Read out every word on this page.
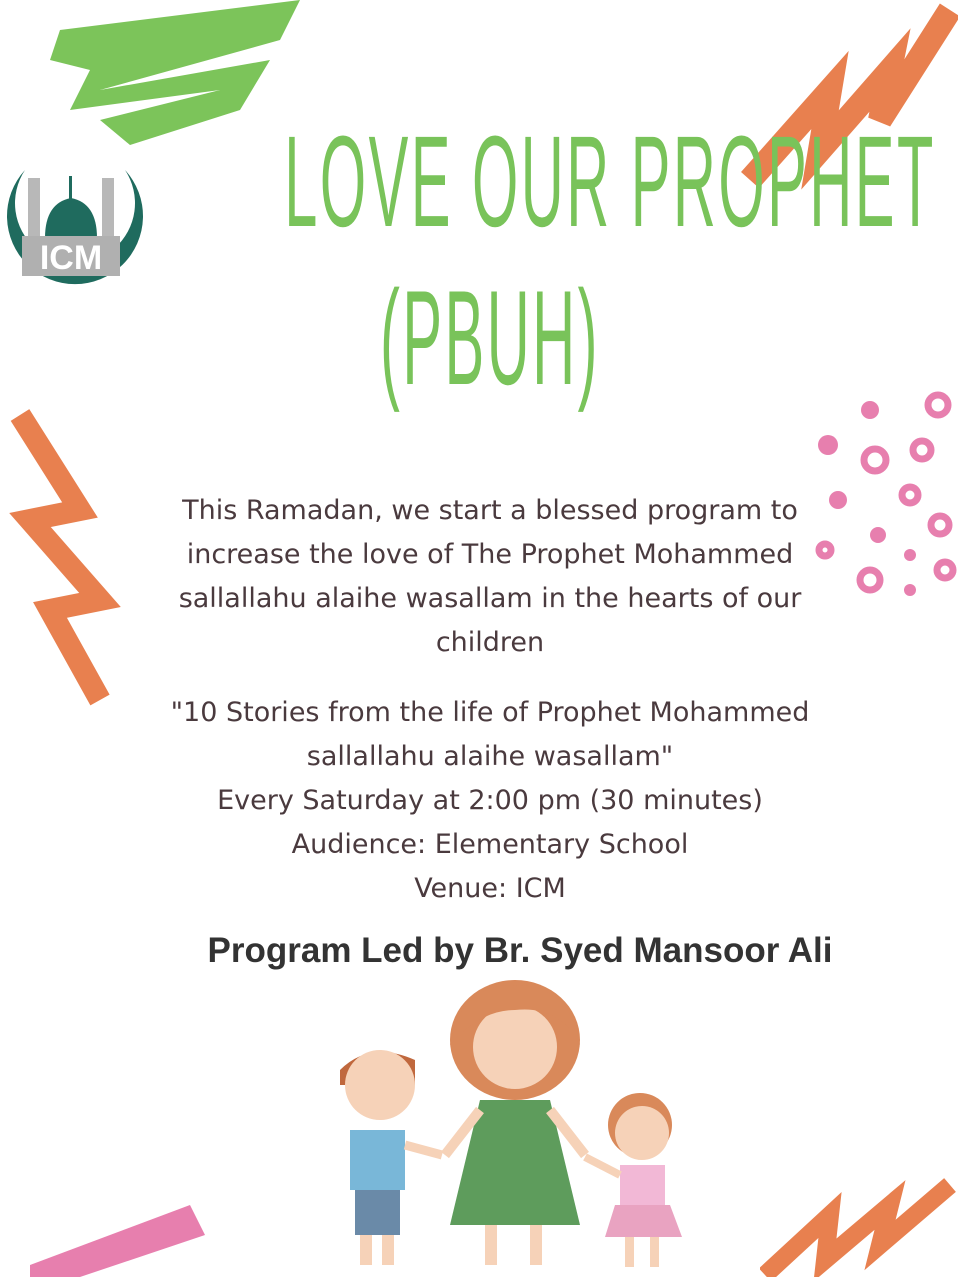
ICM
LOVE OUR PROPHET
(PBUH)
This Ramadan, we start a blessed program to
increase the love of The Prophet Mohammed
sallallahu alaihe wasallam in the hearts of our
children
"10 Stories from the life of Prophet Mohammed
sallallahu alaihe wasallam"
Every Saturday at 2:00 pm (30 minutes)
Audience: Elementary School
Venue: ICM
Program Led by Br. Syed Mansoor Ali
